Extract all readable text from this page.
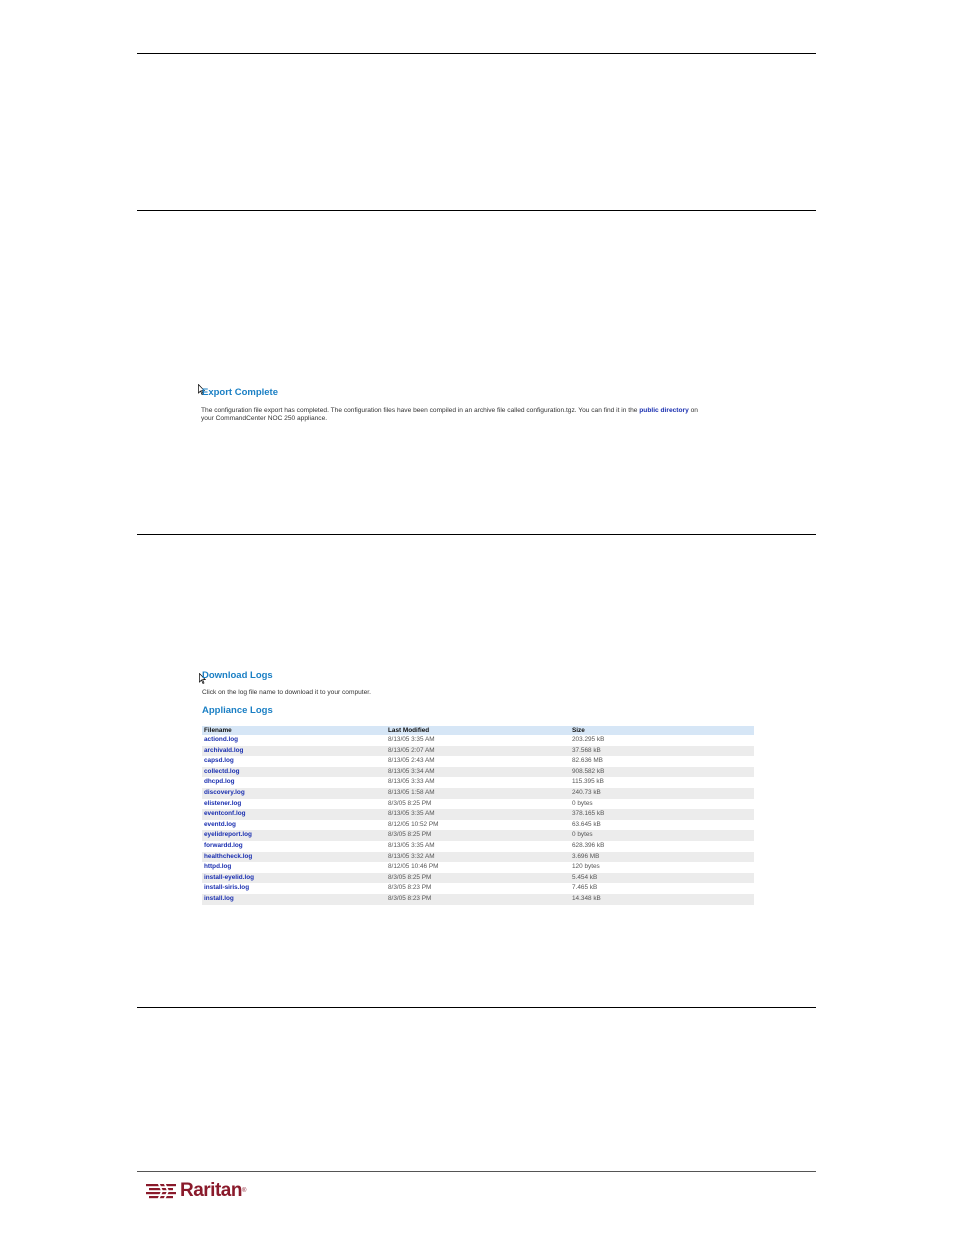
Export Complete
The configuration file export has completed. The configuration files have been compiled in an archive file called configuration.tgz. You can find it in the public directory on
your CommandCenter NOC 250 appliance.
Download Logs
Click on the log file name to download it to your computer.
Appliance Logs
Filename	Last Modified	Size
actiond.log	8/13/05 3:35 AM	203.295 kB
archivald.log	8/13/05 2:07 AM	37.568 kB
capsd.log	8/13/05 2:43 AM	82.636 MB
collectd.log	8/13/05 3:34 AM	908.582 kB
dhcpd.log	8/13/05 3:33 AM	115.395 kB
discovery.log	8/13/05 1:58 AM	240.73 kB
elistener.log	8/3/05 8:25 PM	0 bytes
eventconf.log	8/13/05 3:35 AM	378.165 kB
eventd.log	8/12/05 10:52 PM	63.645 kB
eyelidreport.log	8/3/05 8:25 PM	0 bytes
forwardd.log	8/13/05 3:35 AM	628.396 kB
healthcheck.log	8/13/05 3:32 AM	3.696 MB
httpd.log	8/12/05 10:46 PM	120 bytes
install-eyelid.log	8/3/05 8:25 PM	5.454 kB
install-siris.log	8/3/05 8:23 PM	7.465 kB
install.log	8/3/05 8:23 PM	14.348 kB
Raritan ®
